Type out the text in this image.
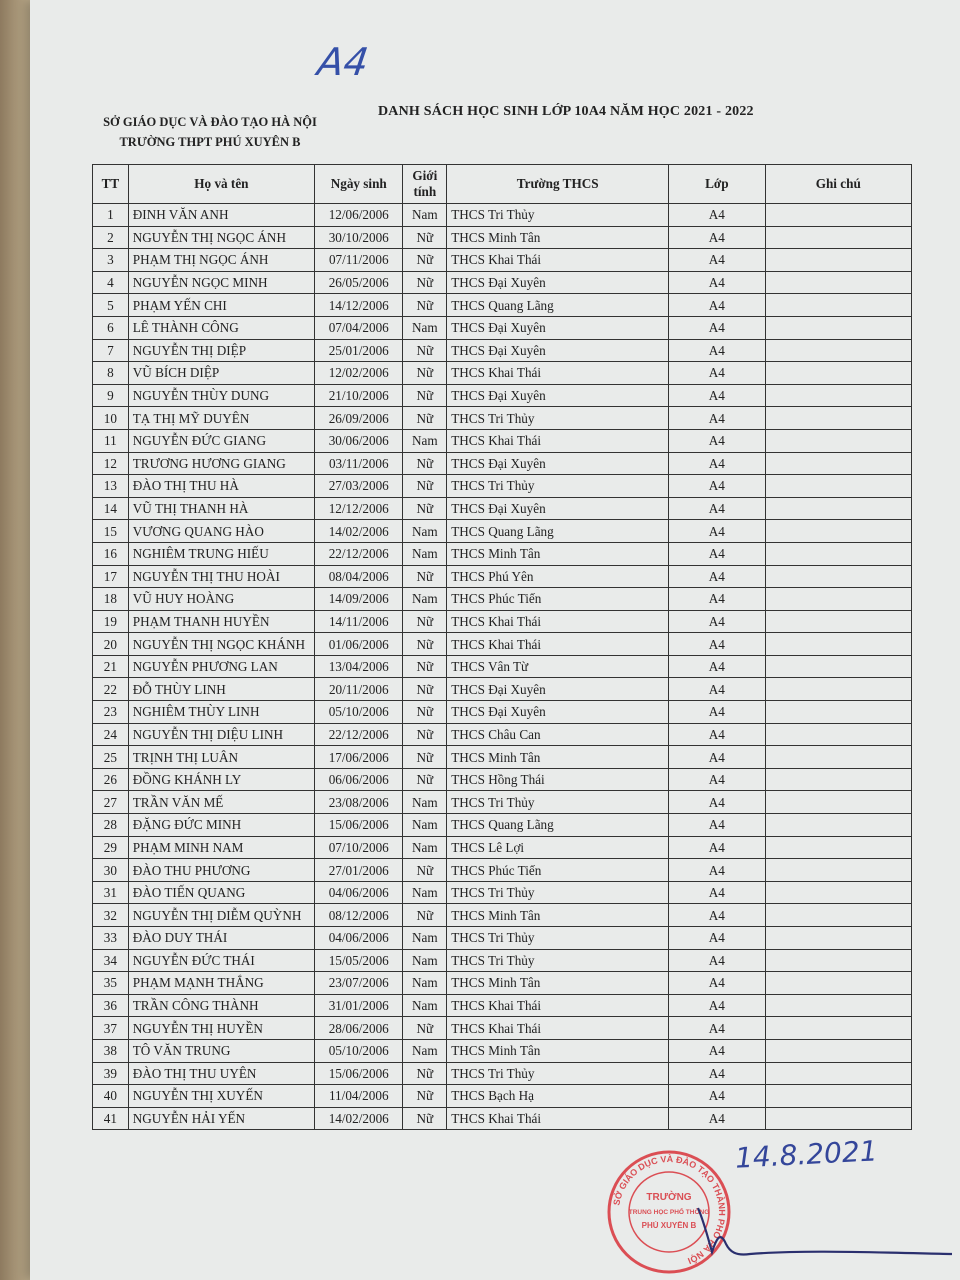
SỞ GIÁO DỤC VÀ ĐÀO TẠO HÀ NỘI
TRƯỜNG THPT PHÚ XUYÊN B
A4
DANH SÁCH HỌC SINH LỚP 10A4 NĂM HỌC 2021 - 2022
TT	Họ và tên	Ngày sinh	Giới tính	Trường THCS	Lớp	Ghi chú
1	ĐINH VĂN ANH	12/06/2006	Nam	THCS Tri Thủy	A4	
2	NGUYỄN THỊ NGỌC ÁNH	30/10/2006	Nữ	THCS Minh Tân	A4	
3	PHẠM THỊ NGỌC ÁNH	07/11/2006	Nữ	THCS Khai Thái	A4	
4	NGUYỄN NGỌC MINH	26/05/2006	Nữ	THCS Đại Xuyên	A4	
5	PHẠM YẾN CHI	14/12/2006	Nữ	THCS Quang Lãng	A4	
6	LÊ THÀNH CÔNG	07/04/2006	Nam	THCS Đại Xuyên	A4	
7	NGUYỄN THỊ DIỆP	25/01/2006	Nữ	THCS Đại Xuyên	A4	
8	VŨ BÍCH DIỆP	12/02/2006	Nữ	THCS Khai Thái	A4	
9	NGUYỄN THÙY DUNG	21/10/2006	Nữ	THCS Đại Xuyên	A4	
10	TẠ THỊ MỸ DUYÊN	26/09/2006	Nữ	THCS Tri Thủy	A4	
11	NGUYỄN ĐỨC GIANG	30/06/2006	Nam	THCS Khai Thái	A4	
12	TRƯƠNG HƯƠNG GIANG	03/11/2006	Nữ	THCS Đại Xuyên	A4	
13	ĐÀO THỊ THU HÀ	27/03/2006	Nữ	THCS Tri Thủy	A4	
14	VŨ THỊ THANH HÀ	12/12/2006	Nữ	THCS Đại Xuyên	A4	
15	VƯƠNG QUANG HÀO	14/02/2006	Nam	THCS Quang Lãng	A4	
16	NGHIÊM TRUNG HIẾU	22/12/2006	Nam	THCS Minh Tân	A4	
17	NGUYỄN THỊ THU HOÀI	08/04/2006	Nữ	THCS Phú Yên	A4	
18	VŨ HUY HOÀNG	14/09/2006	Nam	THCS Phúc Tiến	A4	
19	PHẠM THANH HUYỀN	14/11/2006	Nữ	THCS Khai Thái	A4	
20	NGUYỄN THỊ NGỌC KHÁNH	01/06/2006	Nữ	THCS Khai Thái	A4	
21	NGUYỄN PHƯƠNG LAN	13/04/2006	Nữ	THCS Vân Từ	A4	
22	ĐỖ THÙY LINH	20/11/2006	Nữ	THCS Đại Xuyên	A4	
23	NGHIÊM THÙY LINH	05/10/2006	Nữ	THCS Đại Xuyên	A4	
24	NGUYỄN THỊ DIỆU LINH	22/12/2006	Nữ	THCS Châu Can	A4	
25	TRỊNH THỊ LUÂN	17/06/2006	Nữ	THCS Minh Tân	A4	
26	ĐỒNG KHÁNH LY	06/06/2006	Nữ	THCS Hồng Thái	A4	
27	TRẦN VĂN MẾ	23/08/2006	Nam	THCS Tri Thủy	A4	
28	ĐẶNG ĐỨC MINH	15/06/2006	Nam	THCS Quang Lãng	A4	
29	PHẠM MINH NAM	07/10/2006	Nam	THCS Lê Lợi	A4	
30	ĐÀO THU PHƯƠNG	27/01/2006	Nữ	THCS Phúc Tiến	A4	
31	ĐÀO TIẾN QUANG	04/06/2006	Nam	THCS Tri Thủy	A4	
32	NGUYỄN THỊ DIỄM QUỲNH	08/12/2006	Nữ	THCS Minh Tân	A4	
33	ĐÀO DUY THÁI	04/06/2006	Nam	THCS Tri Thủy	A4	
34	NGUYỄN ĐỨC THÁI	15/05/2006	Nam	THCS Tri Thủy	A4	
35	PHẠM MẠNH THẮNG	23/07/2006	Nam	THCS Minh Tân	A4	
36	TRẦN CÔNG THÀNH	31/01/2006	Nam	THCS Khai Thái	A4	
37	NGUYỄN THỊ HUYỀN	28/06/2006	Nữ	THCS Khai Thái	A4	
38	TÔ VĂN TRUNG	05/10/2006	Nam	THCS Minh Tân	A4	
39	ĐÀO THỊ THU UYÊN	15/06/2006	Nữ	THCS Tri Thủy	A4	
40	NGUYỄN THỊ XUYẾN	11/04/2006	Nữ	THCS Bạch Hạ	A4	
41	NGUYỄN HẢI YẾN	14/02/2006	Nữ	THCS Khai Thái	A4	
14.8.2021
SỞ GIÁO DỤC VÀ ĐÀO TẠO THÀNH PHỐ HÀ NỘI
TRƯỜNG
TRUNG HỌC PHỔ THÔNG
PHÚ XUYÊN B
